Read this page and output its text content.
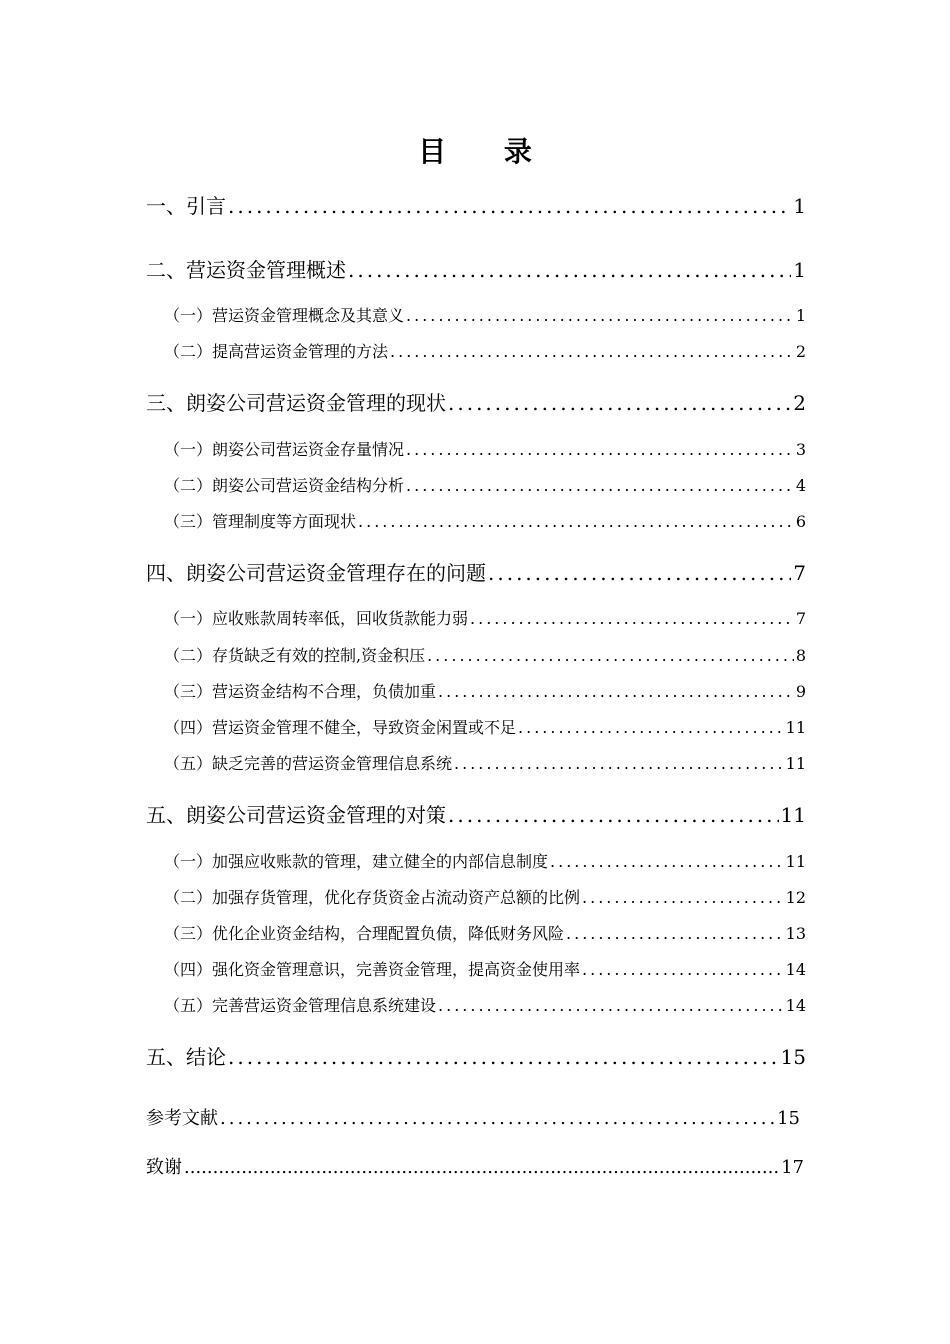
目 录
一、引言 .....	1
二、营运资金管理概述 .....	1
（一）营运资金管理概念及其意义 .....	1
（二）提高营运资金管理的方法 .....	2
三、朗姿公司营运资金管理的现状 .....	2
（一）朗姿公司营运资金存量情况 .....	3
（二）朗姿公司营运资金结构分析 .....	4
（三）管理制度等方面现状 .....	6
四、朗姿公司营运资金管理存在的问题 .....	7
（一）应收账款周转率低，回收货款能力弱 .....	7
（二）存货缺乏有效的控制,资金积压 .....	8
（三）营运资金结构不合理，负债加重 .....	9
（四）营运资金管理不健全，导致资金闲置或不足 .....	11
（五）缺乏完善的营运资金管理信息系统 .....	11
五、朗姿公司营运资金管理的对策 .....	11
（一）加强应收账款的管理，建立健全的内部信息制度 .....	11
（二）加强存货管理，优化存货资金占流动资产总额的比例 .....	12
（三）优化企业资金结构，合理配置负债，降低财务风险 .....	13
（四）强化资金管理意识，完善资金管理，提高资金使用率 .....	14
（五）完善营运资金管理信息系统建设 .....	14
五、结论 .....	15
参考文献 .....	15
致谢 .....	17
